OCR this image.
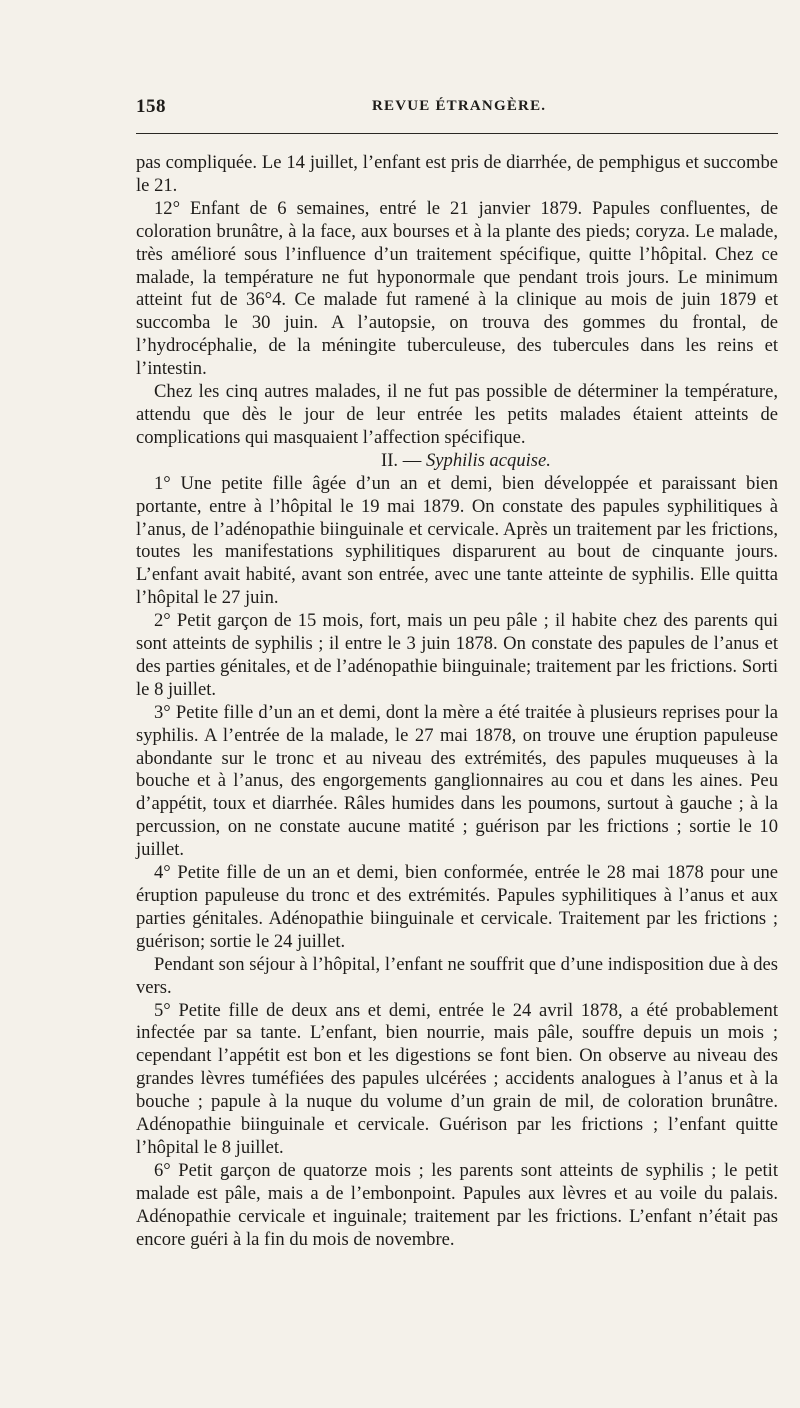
158	REVUE ÉTRANGÈRE.

pas compliquée. Le 14 juillet, l’enfant est pris de diarrhée, de pemphigus et succombe le 21.

12° Enfant de 6 semaines, entré le 21 janvier 1879. Papules confluentes, de coloration brunâtre, à la face, aux bourses et à la plante des pieds; coryza. Le malade, très amélioré sous l’influence d’un traitement spécifique, quitte l’hôpital. Chez ce malade, la température ne fut hyponormale que pendant trois jours. Le minimum atteint fut de 36°4. Ce malade fut ramené à la clinique au mois de juin 1879 et succomba le 30 juin. A l’autopsie, on trouva des gommes du frontal, de l’hydrocéphalie, de la méningite tuberculeuse, des tubercules dans les reins et l’intestin.

Chez les cinq autres malades, il ne fut pas possible de déterminer la température, attendu que dès le jour de leur entrée les petits malades étaient atteints de complications qui masquaient l’affection spécifique.

II. — Syphilis acquise.

1° Une petite fille âgée d’un an et demi, bien développée et paraissant bien portante, entre à l’hôpital le 19 mai 1879. On constate des papules syphilitiques à l’anus, de l’adénopathie biinguinale et cervicale. Après un traitement par les frictions, toutes les manifestations syphilitiques disparurent au bout de cinquante jours. L’enfant avait habité, avant son entrée, avec une tante atteinte de syphilis. Elle quitta l’hôpital le 27 juin.

2° Petit garçon de 15 mois, fort, mais un peu pâle ; il habite chez des parents qui sont atteints de syphilis ; il entre le 3 juin 1878. On constate des papules de l’anus et des parties génitales, et de l’adénopathie biinguinale; traitement par les frictions. Sorti le 8 juillet.

3° Petite fille d’un an et demi, dont la mère a été traitée à plusieurs reprises pour la syphilis. A l’entrée de la malade, le 27 mai 1878, on trouve une éruption papuleuse abondante sur le tronc et au niveau des extrémités, des papules muqueuses à la bouche et à l’anus, des engorgements ganglionnaires au cou et dans les aines. Peu d’appétit, toux et diarrhée. Râles humides dans les poumons, surtout à gauche ; à la percussion, on ne constate aucune matité ; guérison par les frictions ; sortie le 10 juillet.

4° Petite fille de un an et demi, bien conformée, entrée le 28 mai 1878 pour une éruption papuleuse du tronc et des extrémités. Papules syphilitiques à l’anus et aux parties génitales. Adénopathie biinguinale et cervicale. Traitement par les frictions ; guérison; sortie le 24 juillet.

Pendant son séjour à l’hôpital, l’enfant ne souffrit que d’une indisposition due à des vers.

5° Petite fille de deux ans et demi, entrée le 24 avril 1878, a été probablement infectée par sa tante. L’enfant, bien nourrie, mais pâle, souffre depuis un mois ; cependant l’appétit est bon et les digestions se font bien. On observe au niveau des grandes lèvres tuméfiées des papules ulcérées ; accidents analogues à l’anus et à la bouche ; papule à la nuque du volume d’un grain de mil, de coloration brunâtre. Adénopathie biinguinale et cervicale. Guérison par les frictions ; l’enfant quitte l’hôpital le 8 juillet.

6° Petit garçon de quatorze mois ; les parents sont atteints de syphilis ; le petit malade est pâle, mais a de l’embonpoint. Papules aux lèvres et au voile du palais. Adénopathie cervicale et inguinale; traitement par les frictions. L’enfant n’était pas encore guéri à la fin du mois de novembre.
